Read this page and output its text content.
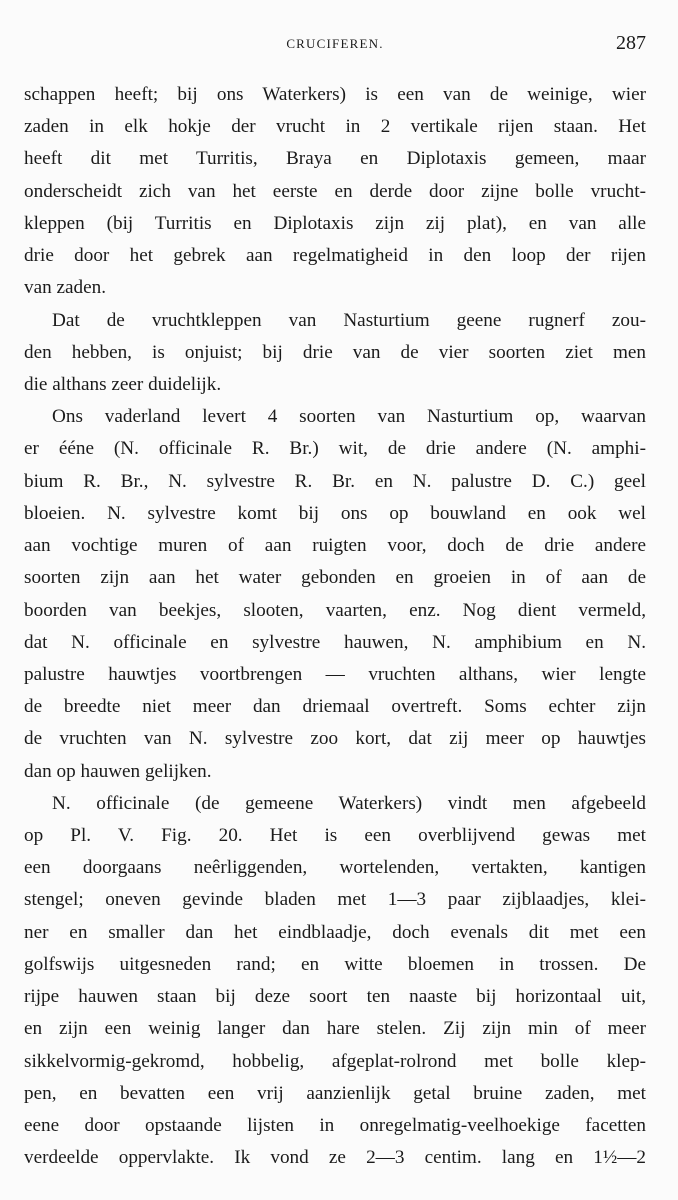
CRUCIFEREN.	287
schappen heeft; bij ons Waterkers) is een van de weinige, wier
zaden in elk hokje der vrucht in 2 vertikale rijen staan. Het
heeft dit met Turritis, Braya en Diplotaxis gemeen, maar
onderscheidt zich van het eerste en derde door zijne bolle vrucht-
kleppen (bij Turritis en Diplotaxis zijn zij plat), en van alle
drie door het gebrek aan regelmatigheid in den loop der rijen
van zaden.
Dat de vruchtkleppen van Nasturtium geene rugnerf zou-
den hebben, is onjuist; bij drie van de vier soorten ziet men
die althans zeer duidelijk.
Ons vaderland levert 4 soorten van Nasturtium op, waarvan
er ééne (N. officinale R. Br.) wit, de drie andere (N. amphi-
bium R. Br., N. sylvestre R. Br. en N. palustre D. C.) geel
bloeien. N. sylvestre komt bij ons op bouwland en ook wel
aan vochtige muren of aan ruigten voor, doch de drie andere
soorten zijn aan het water gebonden en groeien in of aan de
boorden van beekjes, slooten, vaarten, enz. Nog dient vermeld,
dat N. officinale en sylvestre hauwen, N. amphibium en N.
palustre hauwtjes voortbrengen — vruchten althans, wier lengte
de breedte niet meer dan driemaal overtreft. Soms echter zijn
de vruchten van N. sylvestre zoo kort, dat zij meer op hauwtjes
dan op hauwen gelijken.
N. officinale (de gemeene Waterkers) vindt men afgebeeld
op Pl. V. Fig. 20. Het is een overblijvend gewas met
een doorgaans neêrliggenden, wortelenden, vertakten, kantigen
stengel; oneven gevinde bladen met 1—3 paar zijblaadjes, klei-
ner en smaller dan het eindblaadje, doch evenals dit met een
golfswijs uitgesneden rand; en witte bloemen in trossen. De
rijpe hauwen staan bij deze soort ten naaste bij horizontaal uit,
en zijn een weinig langer dan hare stelen. Zij zijn min of meer
sikkelvormig-gekromd, hobbelig, afgeplat-rolrond met bolle klep-
pen, en bevatten een vrij aanzienlijk getal bruine zaden, met
eene door opstaande lijsten in onregelmatig-veelhoekige facetten
verdeelde oppervlakte. Ik vond ze 2—3 centim. lang en 1½—2
